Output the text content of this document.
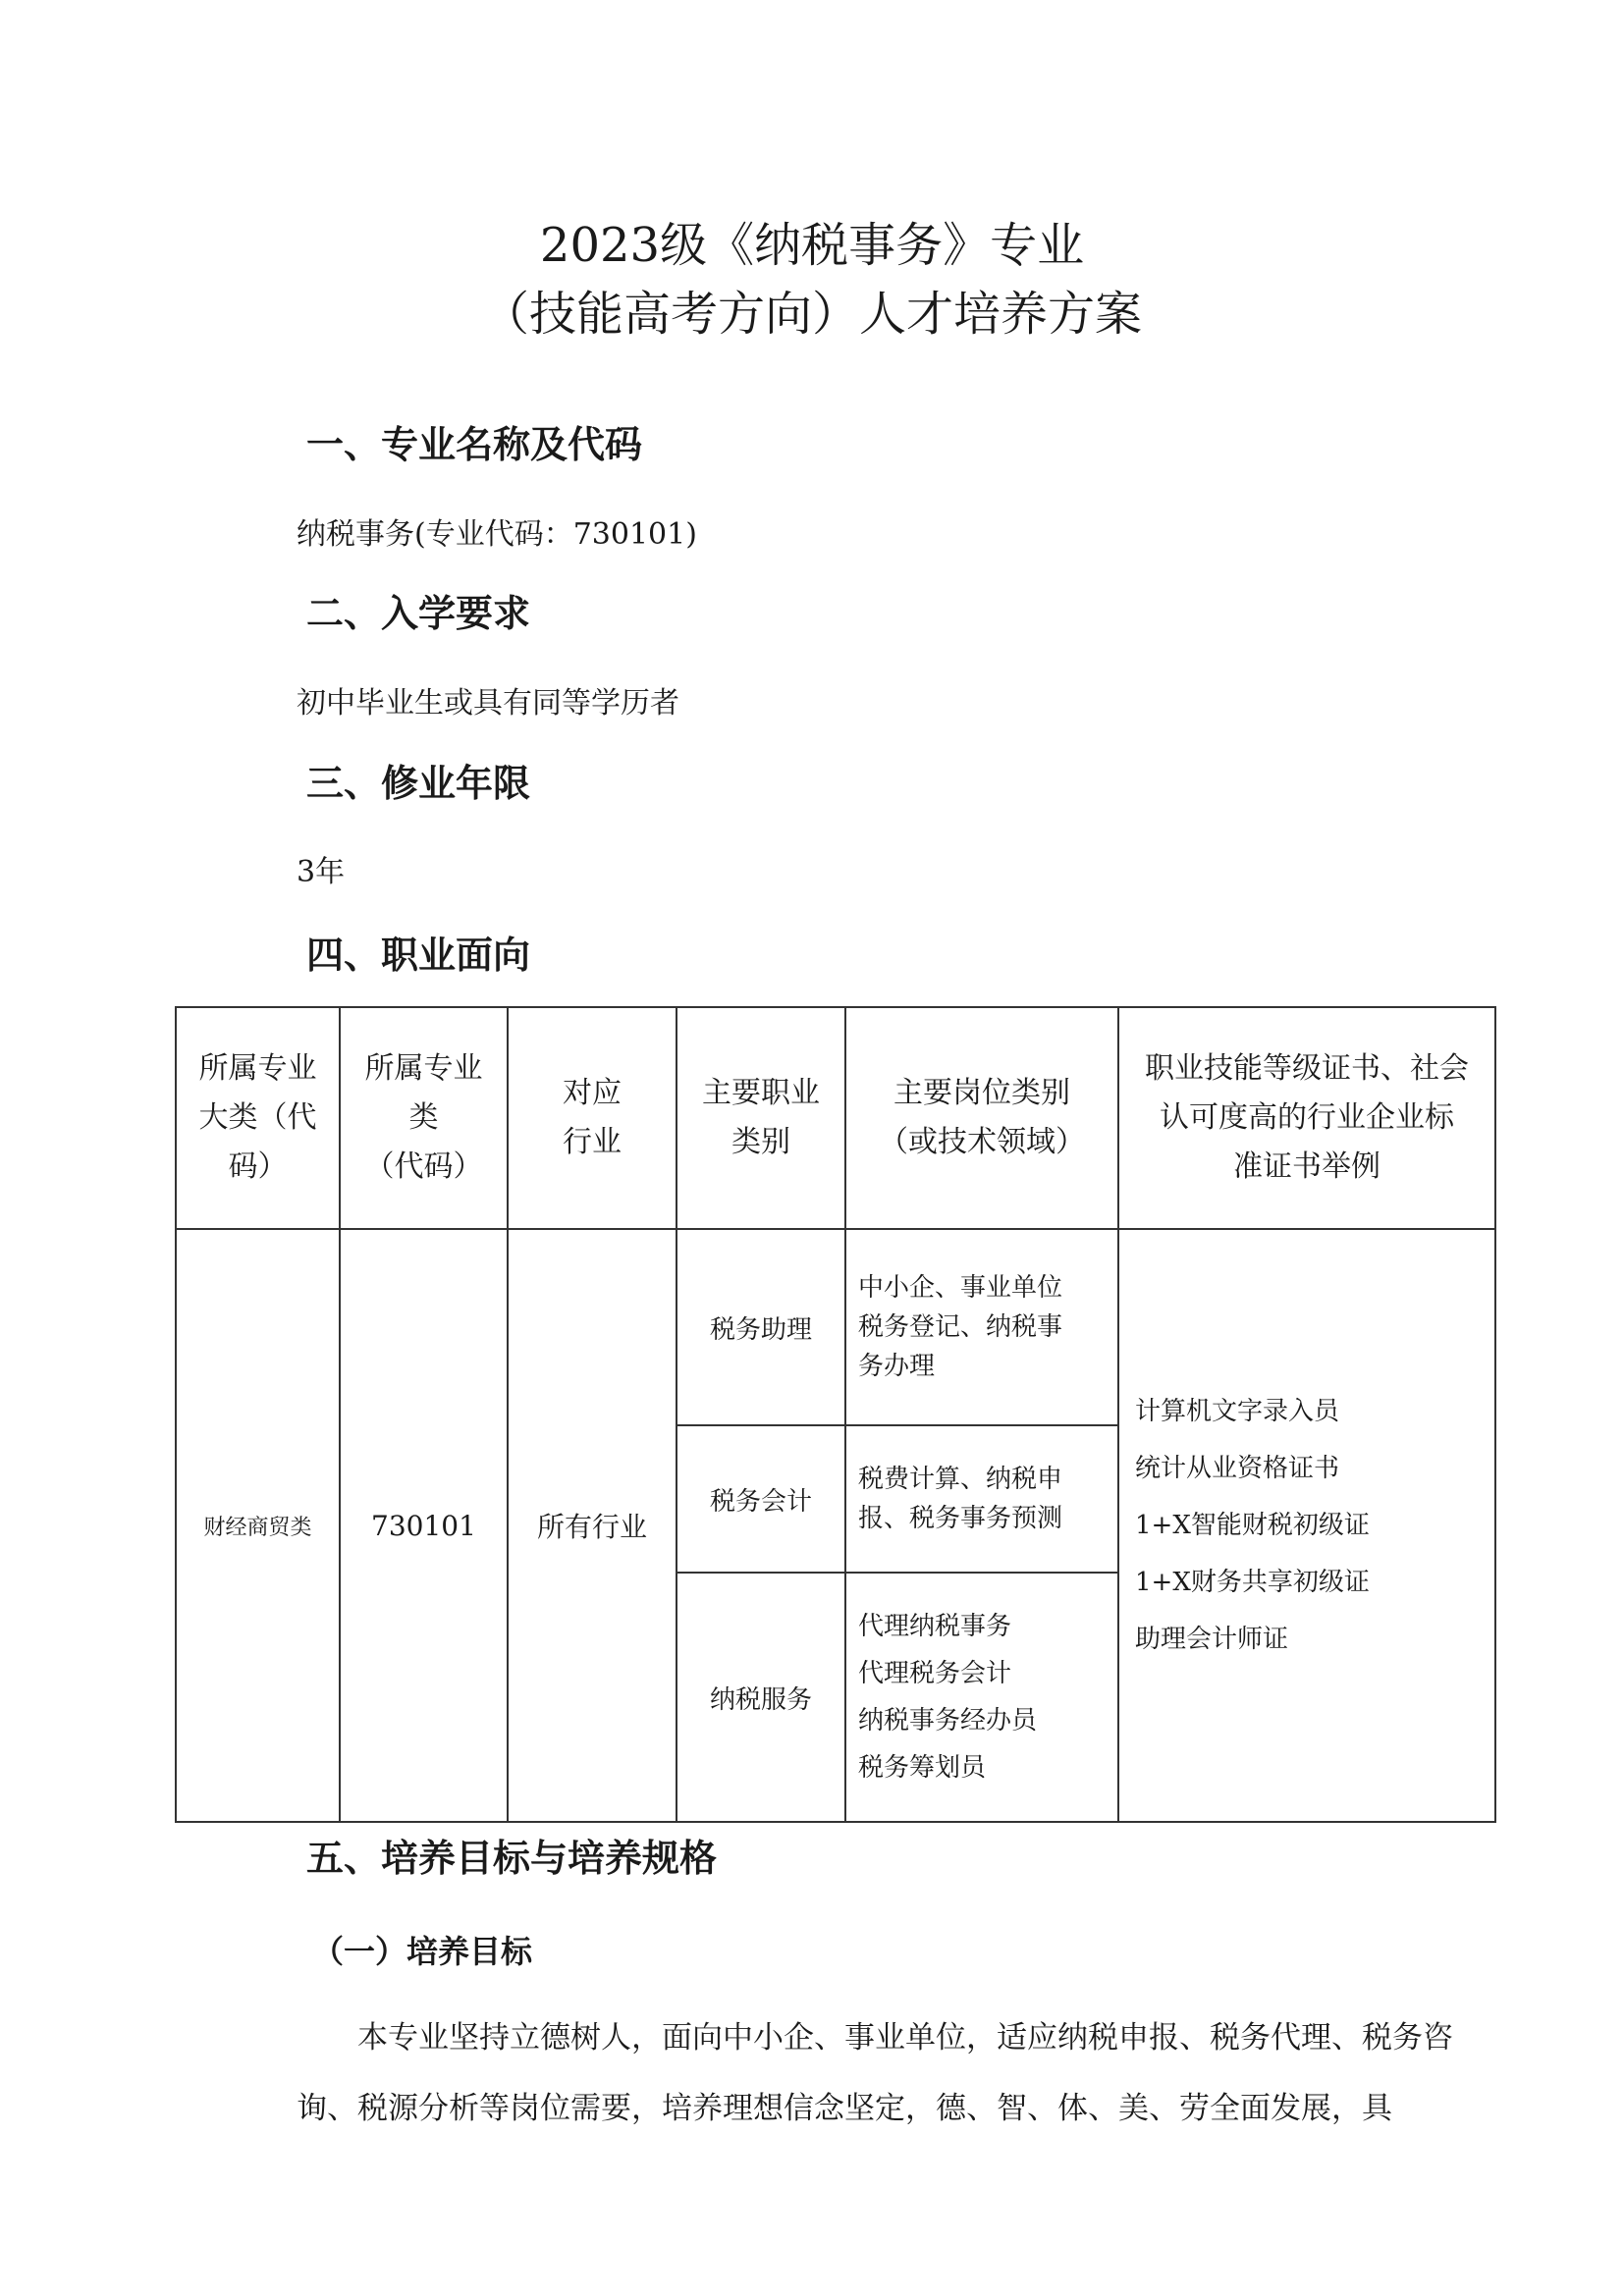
2023级《纳税事务》专业
（技能高考方向）人才培养方案
一、专业名称及代码
纳税事务(专业代码：730101)
二、入学要求
初中毕业生或具有同等学历者
三、修业年限
3年
四、职业面向
所属专业
大类（代
码）	所属专业
类
（代码）	对应
行业	主要职业
类别	主要岗位类别
（或技术领域）	职业技能等级证书、社会
认可度高的行业企业标
准证书举例

财经商贸类	730101	所有行业	税务助理	中小企、事业单位
税务登记、纳税事
务办理	计算机文字录入员
统计从业资格证书
1+X智能财税初级证
1+X财务共享初级证
助理会计师证

			税务会计	税费计算、纳税申
报、税务事务预测	

			纳税服务	代理纳税事务
代理税务会计
纳税事务经办员
税务筹划员	
五、培养目标与培养规格
（一）培养目标
本专业坚持立德树人，面向中小企、事业单位，适应纳税申报、税务代理、税务咨询、税源分析等岗位需要，培养理想信念坚定，德、智、体、美、劳全面发展，具
